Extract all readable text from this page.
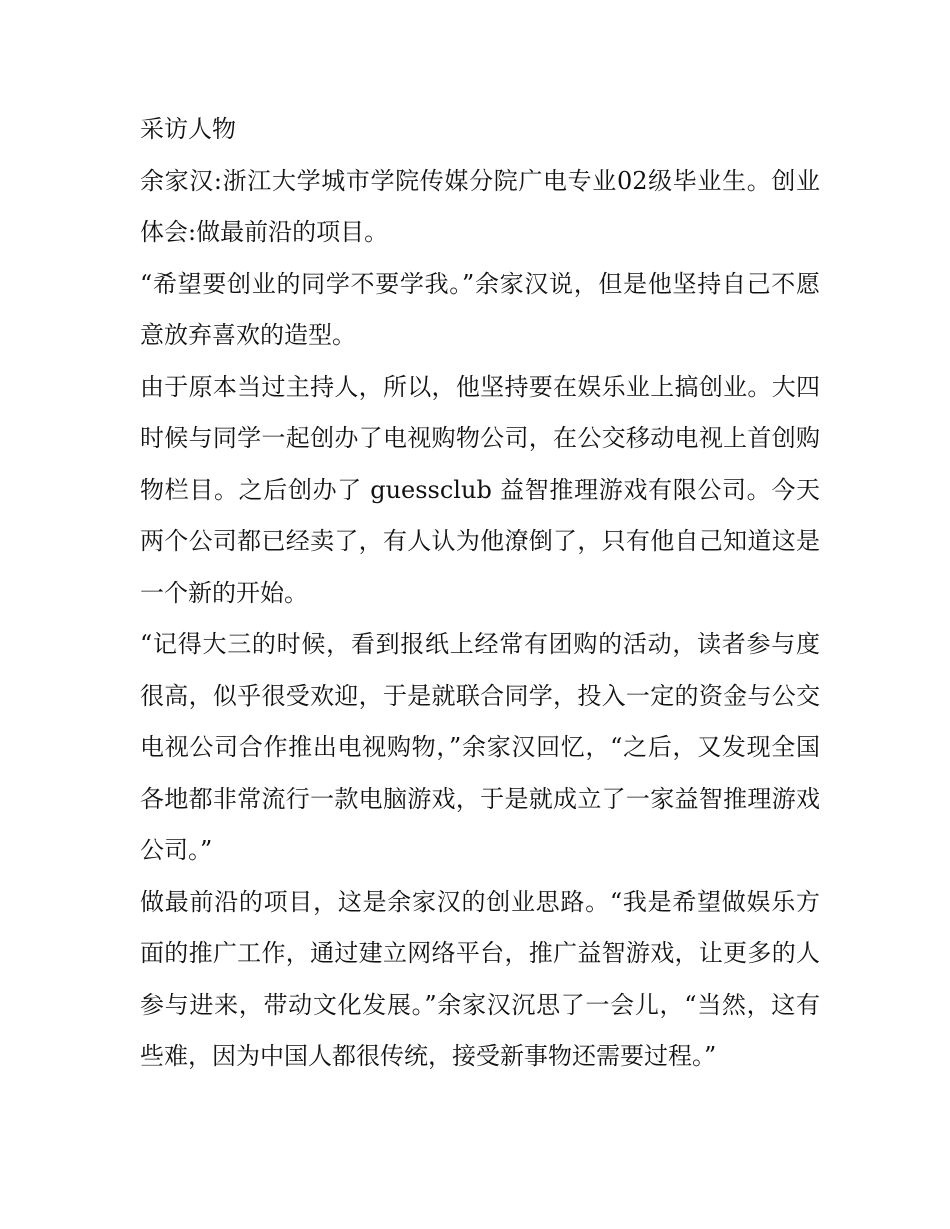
采访人物

余家汉:浙江大学城市学院传媒分院广电专业02级毕业生。创业体会:做最前沿的项目。

“希望要创业的同学不要学我。”余家汉说，但是他坚持自己不愿意放弃喜欢的造型。

由于原本当过主持人，所以，他坚持要在娱乐业上搞创业。大四时候与同学一起创办了电视购物公司，在公交移动电视上首创购物栏目。之后创办了 guessclub 益智推理游戏有限公司。今天两个公司都已经卖了，有人认为他潦倒了，只有他自己知道这是一个新的开始。

“记得大三的时候，看到报纸上经常有团购的活动，读者参与度很高，似乎很受欢迎，于是就联合同学，投入一定的资金与公交电视公司合作推出电视购物，”余家汉回忆，“之后，又发现全国各地都非常流行一款电脑游戏，于是就成立了一家益智推理游戏公司。”

做最前沿的项目，这是余家汉的创业思路。“我是希望做娱乐方面的推广工作，通过建立网络平台，推广益智游戏，让更多的人参与进来，带动文化发展。”余家汉沉思了一会儿，“当然，这有些难，因为中国人都很传统，接受新事物还需要过程。”
